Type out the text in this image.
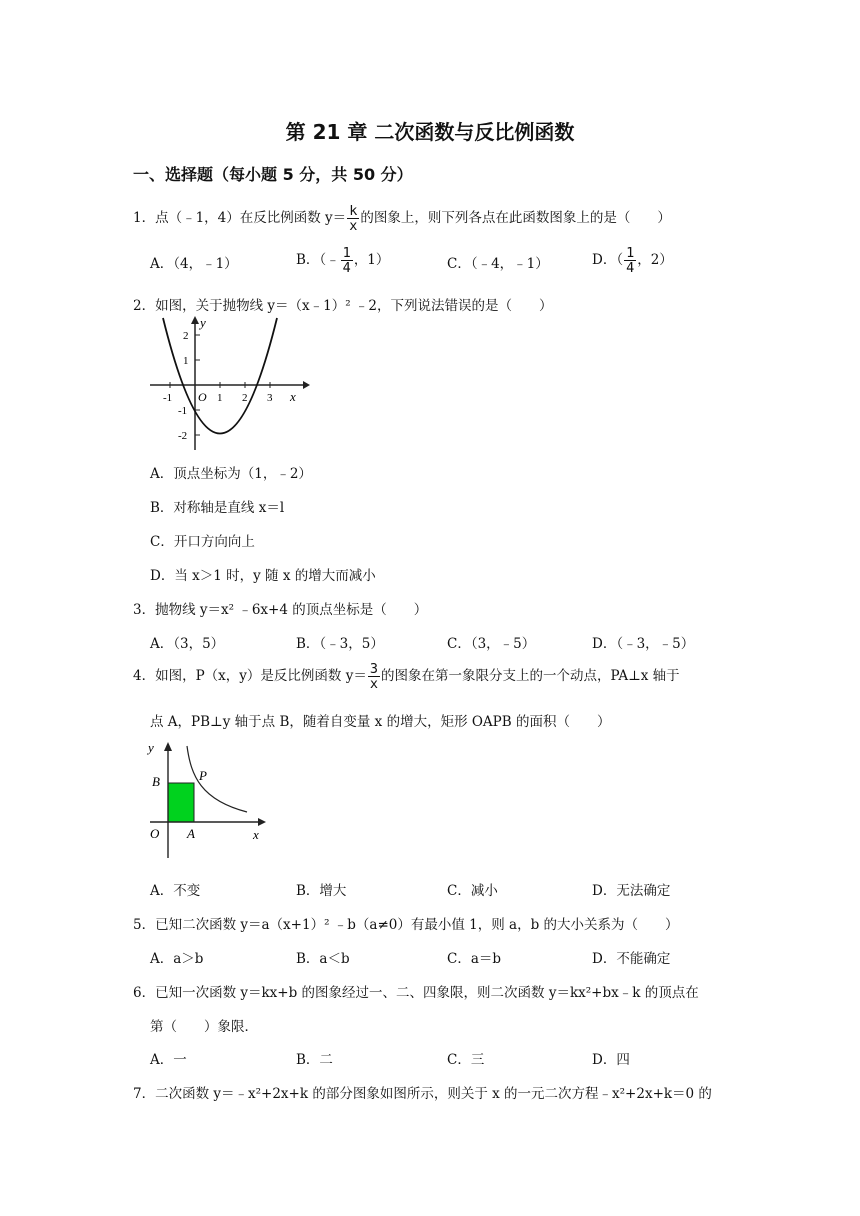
第 21 章 二次函数与反比例函数
一、选择题（每小题 5 分，共 50 分）
1．点（﹣1，4）在反比例函数 $y= \frac{k}{x}$ 的图象上，则下列各点在此函数图象上的是（　　）
A．（4，﹣1）	B．（﹣ $\frac{1}{4}$ ，1）	C．（﹣4，﹣1）	D．（ $\frac{1}{4}$ ，2）
2．如图，关于抛物线 y＝（x﹣1）² ﹣2，下列说法错误的是（　　）
y
x
O
-1	1 2 3
2
1
-1
-2
A．顶点坐标为（1，﹣2）
B．对称轴是直线 x＝l
C．开口方向向上
D．当 x＞1 时，y 随 x 的增大而减小
3．抛物线 y＝x² ﹣6x+4 的顶点坐标是（　　）
A．（3，5）	B．（﹣3，5）	C．（3，﹣5）	D．（﹣3，﹣5）
4．如图，P（x，y）是反比例函数 $y= \frac{3}{x}$ 的图象在第一象限分支上的一个动点，PA⊥x 轴于
点 A，PB⊥y 轴于点 B，随着自变量 x 的增大，矩形 OAPB 的面积（　　）
y
x
O A
B	P
A．不变	B．增大	C．减小	D．无法确定
5．已知二次函数 y＝a（x+1）² ﹣b（a≠0）有最小值 1，则 a，b 的大小关系为（　　）
A．a＞b	B．a＜b	C．a＝b	D．不能确定
6．已知一次函数 y＝kx+b 的图象经过一、二、四象限，则二次函数 y＝kx²+bx﹣k 的顶点在
第（　　）象限．
A．一	B．二	C．三	D．四
7．二次函数 y＝﹣x²+2x+k 的部分图象如图所示，则关于 x 的一元二次方程﹣x²+2x+k＝0 的
